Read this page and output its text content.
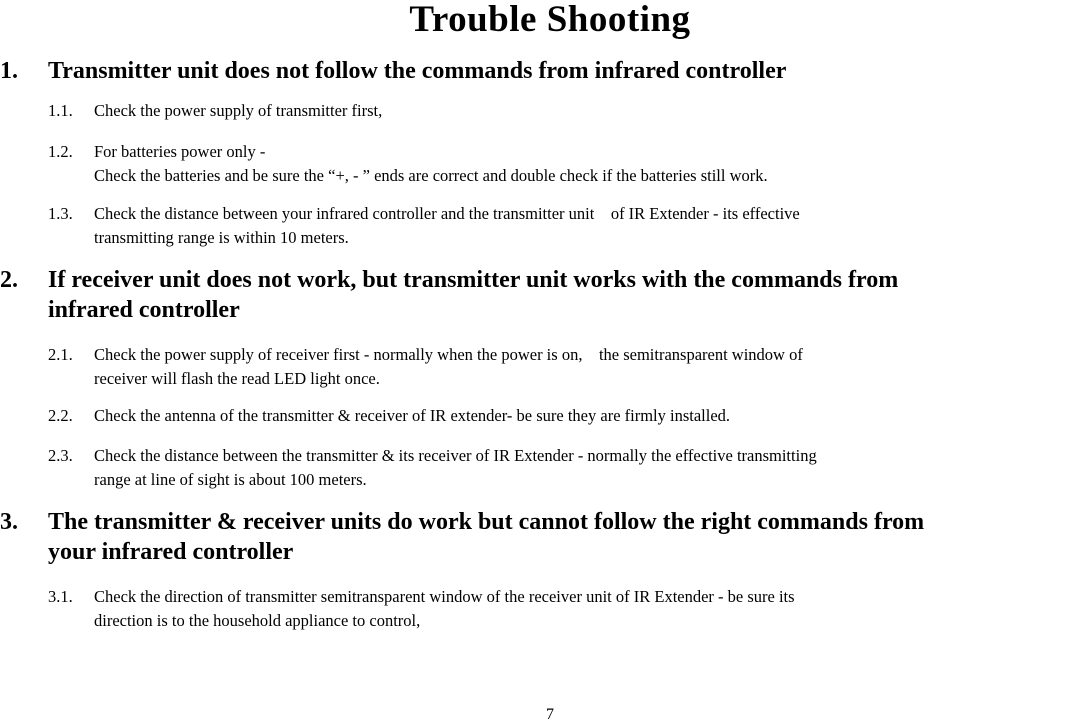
Trouble Shooting
1. Transmitter unit does not follow the commands from infrared controller
1.1. Check the power supply of transmitter first,
1.2. For batteries power only -
Check the batteries and be sure the “+, - ” ends are correct and double check if the batteries still work.
1.3. Check the distance between your infrared controller and the transmitter unit    of IR Extender - its effective
transmitting range is within 10 meters.
2. If receiver unit does not work, but transmitter unit works with the commands from
infrared controller
2.1. Check the power supply of receiver first - normally when the power is on,    the semitransparent window of
receiver will flash the read LED light once.
2.2. Check the antenna of the transmitter & receiver of IR extender- be sure they are firmly installed.
2.3. Check the distance between the transmitter & its receiver of IR Extender - normally the effective transmitting
range at line of sight is about 100 meters.
3. The transmitter & receiver units do work but cannot follow the right commands from
your infrared controller
3.1. Check the direction of transmitter semitransparent window of the receiver unit of IR Extender - be sure its
direction is to the household appliance to control,
7
